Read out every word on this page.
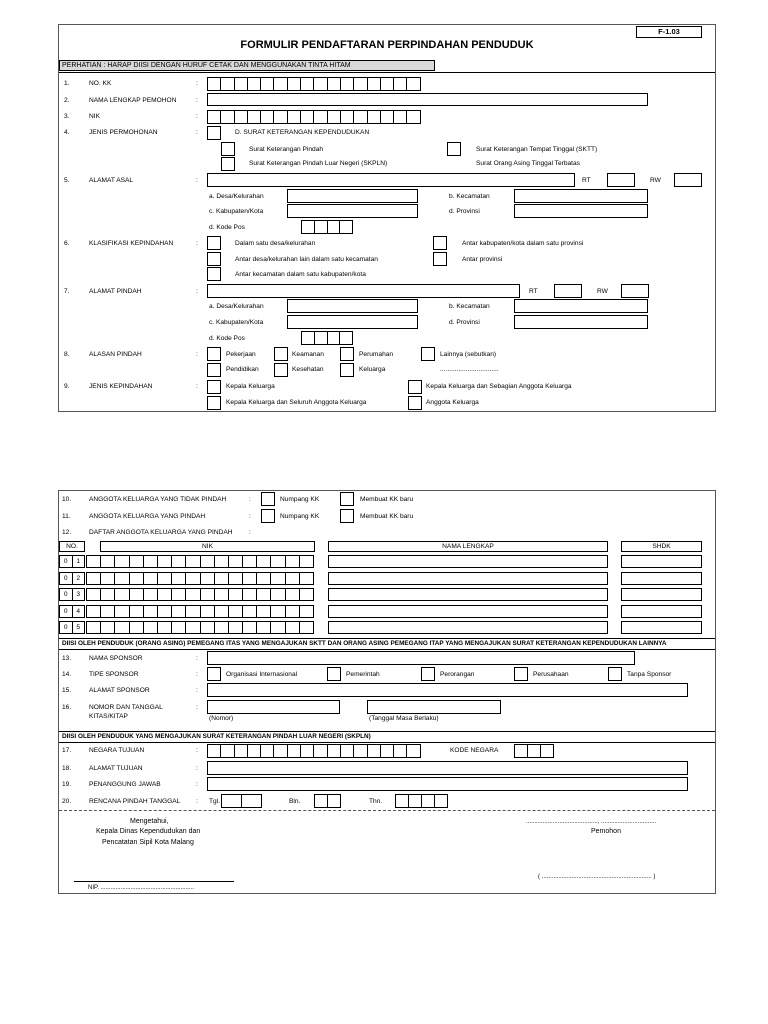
F-1.03
FORMULIR PENDAFTARAN PERPINDAHAN PENDUDUK
PERHATIAN : HARAP DIISI DENGAN HURUF CETAK DAN MENGGUNAKAN TINTA HITAM
1.	NO. KK	:
2.	NAMA LENGKAP PEMOHON	:
3.	NIK	:
4.	JENIS PERMOHONAN	:	D. SURAT KETERANGAN KEPENDUDUKAN
Surat Keterangan Pindah
Surat Keterangan Pindah Luar Negeri (SKPLN)
Surat Keterangan Tempat Tinggal (SKTT)
Surat Orang Asing Tinggal Terbatas
5.	ALAMAT ASAL	:	RT	RW
a. Desa/Kelurahan	b. Kecamatan
c. Kabupaten/Kota	d. Provinsi
d. Kode Pos
6.	KLASIFIKASI KEPINDAHAN	:	Dalam satu desa/kelurahan
Antar desa/kelurahan lain dalam satu kecamatan
Antar kecamatan dalam satu kabupaten/kota
Antar kabupaten/kota dalam satu provinsi
Antar provinsi
7.	ALAMAT PINDAH	:	RT	RW
a. Desa/Kelurahan	b. Kecamatan
c. Kabupaten/Kota	d. Provinsi
d. Kode Pos
8.	ALASAN PINDAH	:	Pekerjaan	Keamanan	Perumahan	Lainnya (sebutkan)
Pendidikan	Kesehatan	Keluarga	................................
9.	JENIS KEPINDAHAN	:	Kepala Keluarga
Kepala Keluarga dan Seluruh Anggota Keluarga
Kepala Keluarga dan Sebagian Anggota Keluarga
Anggota Keluarga
10.	ANGGOTA KELUARGA YANG TIDAK PINDAH	:	Numpang KK	Membuat KK baru
11.	ANGGOTA KELUARGA YANG PINDAH	:	Numpang KK	Membuat KK baru
12.	DAFTAR ANGGOTA KELUARGA YANG PINDAH :
NO.	NIK	NAMA LENGKAP	SHDK
0	1
0	2
0	3
0	4
0	5
DIISI OLEH PENDUDUK (ORANG ASING) PEMEGANG ITAS YANG MENGAJUKAN SKTT DAN ORANG ASING PEMEGANG ITAP YANG MENGAJUKAN SURAT KETERANGAN KEPENDUDUKAN LAINNYA
13.	NAMA SPONSOR	:
14.	TIPE SPONSOR	:	Organisasi Internasional	Pemerintah	Perorangan	Perusahaan	Tanpa Sponsor
15.	ALAMAT SPONSOR	:
16.	NOMOR DAN TANGGAL
KITAS/KITAP
:
(Nomor)	(Tanggal Masa Berlaku)
DIISI OLEH PENDUDUK YANG MENGAJUKAN SURAT KETERANGAN PINDAH LUAR NEGERI (SKPLN)
17.	NEGARA TUJUAN	:	KODE NEGARA
18.	ALAMAT TUJUAN	:
19.	PENANGGUNG JAWAB	:
20.	RENCANA PINDAH TANGGAL : Tgl.	Bln.	Thn.
Mengetahui,
Kepala Dinas Kependudukan dan
Pencatatan Sipil Kota Malang
..........................................., .................................
Pemohon
( .................................................................. )
NIP. ........................................................
